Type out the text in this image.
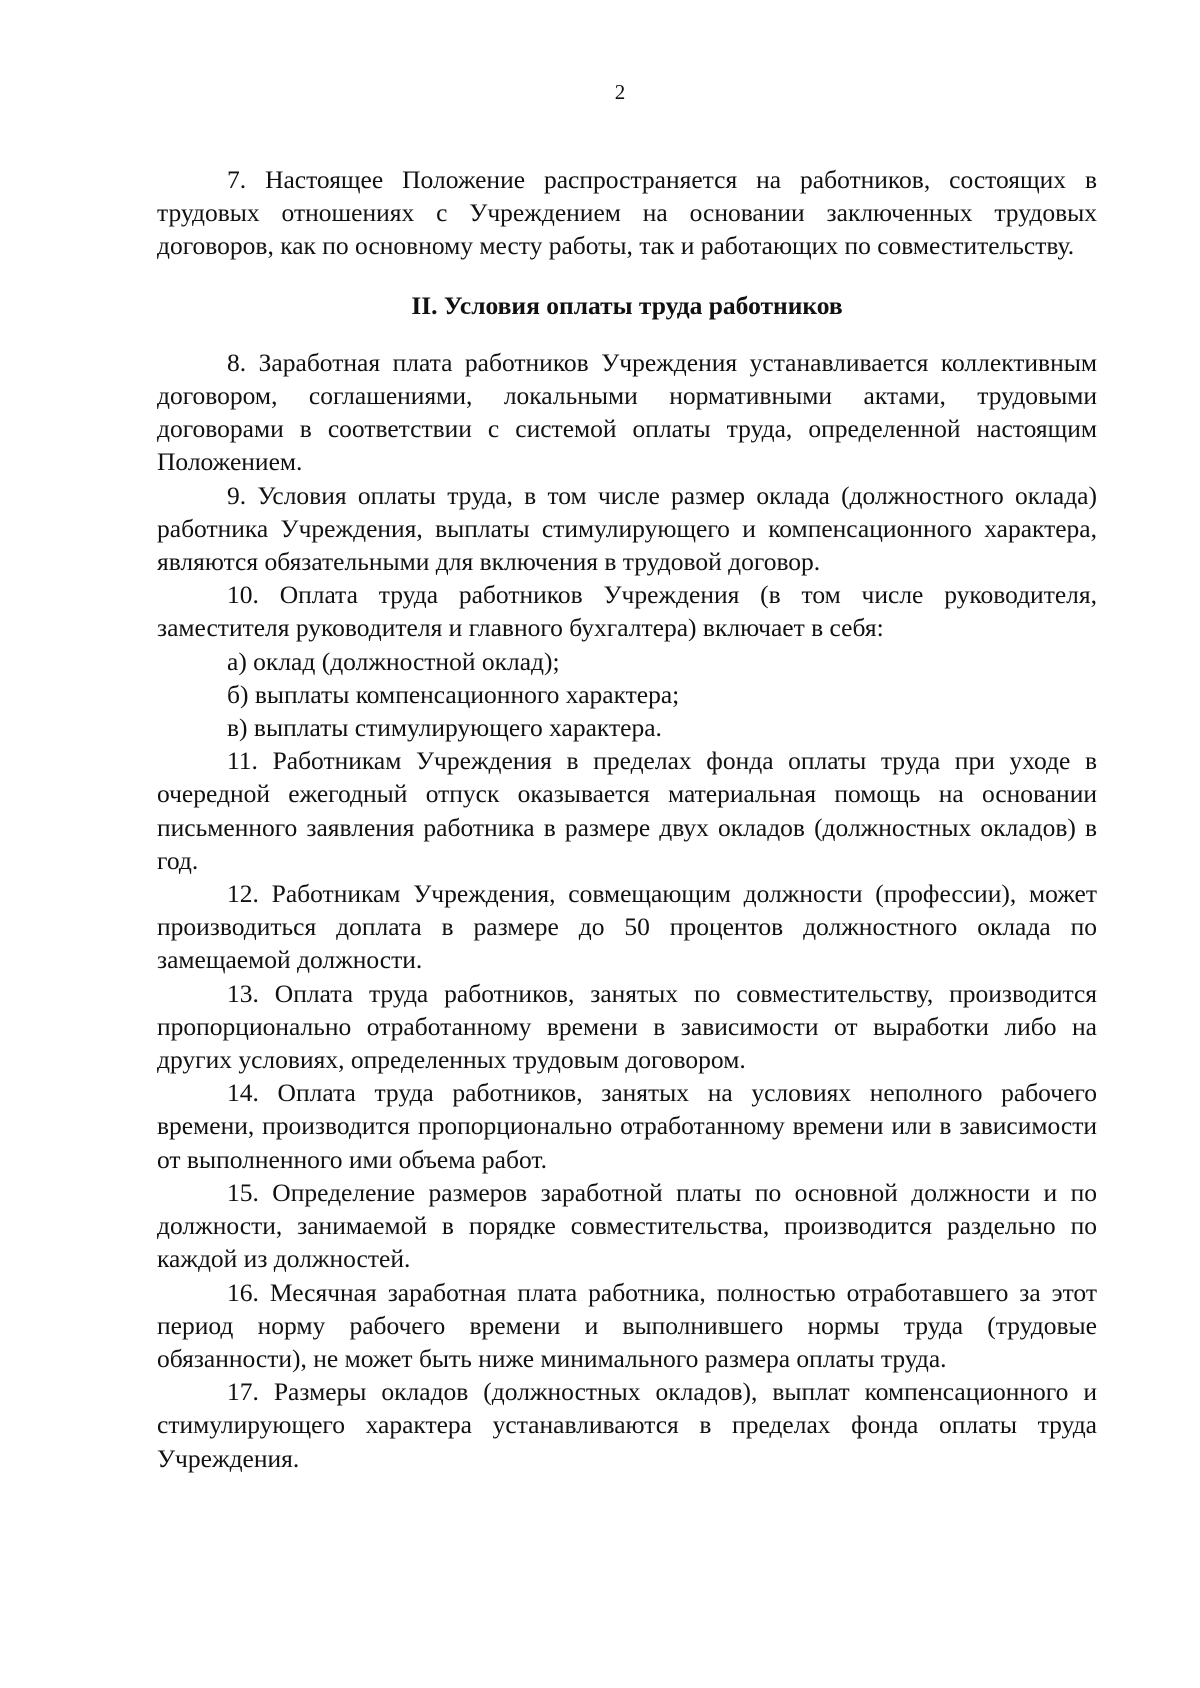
2

7. Настоящее Положение распространяется на работников, состоящих в трудовых отношениях с Учреждением на основании заключенных трудовых договоров, как по основному месту работы, так и работающих по совместительству.

II. Условия оплаты труда работников

8. Заработная плата работников Учреждения устанавливается коллективным договором, соглашениями, локальными нормативными актами, трудовыми договорами в соответствии с системой оплаты труда, определенной настоящим Положением.

9. Условия оплаты труда, в том числе размер оклада (должностного оклада) работника Учреждения, выплаты стимулирующего и компенсационного характера, являются обязательными для включения в трудовой договор.

10. Оплата труда работников Учреждения (в том числе руководителя, заместителя руководителя и главного бухгалтера) включает в себя:

а) оклад (должностной оклад);

б) выплаты компенсационного характера;

в) выплаты стимулирующего характера.

11. Работникам Учреждения в пределах фонда оплаты труда при уходе в очередной ежегодный отпуск оказывается материальная помощь на основании письменного заявления работника в размере двух окладов (должностных окладов) в год.

12. Работникам Учреждения, совмещающим должности (профессии), может производиться доплата в размере до 50 процентов должностного оклада по замещаемой должности.

13. Оплата труда работников, занятых по совместительству, производится пропорционально отработанному времени в зависимости от выработки либо на других условиях, определенных трудовым договором.

14. Оплата труда работников, занятых на условиях неполного рабочего времени, производится пропорционально отработанному времени или в зависимости от выполненного ими объема работ.

15. Определение размеров заработной платы по основной должности и по должности, занимаемой в порядке совместительства, производится раздельно по каждой из должностей.

16. Месячная заработная плата работника, полностью отработавшего за этот период норму рабочего времени и выполнившего нормы труда (трудовые обязанности), не может быть ниже минимального размера оплаты труда.

17. Размеры окладов (должностных окладов), выплат компенсационного и стимулирующего характера устанавливаются в пределах фонда оплаты труда Учреждения.
